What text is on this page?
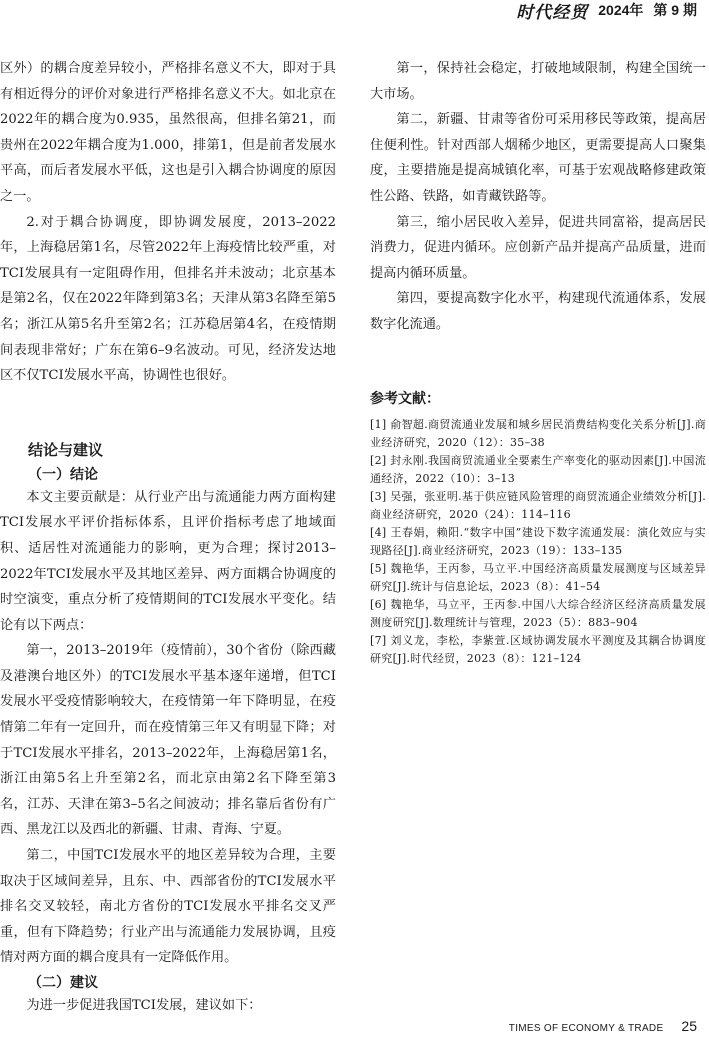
时代经贸 2024年 第 9 期

区外）的耦合度差异较小，严格排名意义不大，即对于具有相近得分的评价对象进行严格排名意义不大。如北京在2022年的耦合度为0.935，虽然很高，但排名第21，而贵州在2022年耦合度为1.000，排第1，但是前者发展水平高，而后者发展水平低，这也是引入耦合协调度的原因之一。

2.对于耦合协调度，即协调发展度，2013–2022年，上海稳居第1名，尽管2022年上海疫情比较严重，对TCI发展具有一定阻碍作用，但排名并未波动；北京基本是第2名，仅在2022年降到第3名；天津从第3名降至第5名；浙江从第5名升至第2名；江苏稳居第4名，在疫情期间表现非常好；广东在第6–9名波动。可见，经济发达地区不仅TCI发展水平高，协调性也很好。

结论与建议
（一）结论

本文主要贡献是：从行业产出与流通能力两方面构建TCI发展水平评价指标体系，且评价指标考虑了地域面积、适居性对流通能力的影响，更为合理；探讨2013–2022年TCI发展水平及其地区差异、两方面耦合协调度的时空演变，重点分析了疫情期间的TCI发展水平变化。结论有以下两点：

第一，2013–2019年（疫情前），30个省份（除西藏及港澳台地区外）的TCI发展水平基本逐年递增，但TCI发展水平受疫情影响较大，在疫情第一年下降明显，在疫情第二年有一定回升，而在疫情第三年又有明显下降；对于TCI发展水平排名，2013–2022年，上海稳居第1名，浙江由第5名上升至第2名，而北京由第2名下降至第3名，江苏、天津在第3–5名之间波动；排名靠后省份有广西、黑龙江以及西北的新疆、甘肃、青海、宁夏。

第二，中国TCI发展水平的地区差异较为合理，主要取决于区域间差异，且东、中、西部省份的TCI发展水平排名交叉较轻，南北方省份的TCI发展水平排名交叉严重，但有下降趋势；行业产出与流通能力发展协调，且疫情对两方面的耦合度具有一定降低作用。

（二）建议

为进一步促进我国TCI发展，建议如下：

第一，保持社会稳定，打破地域限制，构建全国统一大市场。

第二，新疆、甘肃等省份可采用移民等政策，提高居住便利性。针对西部人烟稀少地区，更需要提高人口聚集度，主要措施是提高城镇化率，可基于宏观战略修建政策性公路、铁路，如青藏铁路等。

第三，缩小居民收入差异，促进共同富裕，提高居民消费力，促进内循环。应创新产品并提高产品质量，进而提高内循环质量。

第四，要提高数字化水平，构建现代流通体系，发展数字化流通。

参考文献：
[1] 俞智超.商贸流通业发展和城乡居民消费结构变化关系分析[J].商业经济研究，2020（12）：35–38
[2] 封永刚.我国商贸流通业全要素生产率变化的驱动因素[J].中国流通经济，2022（10）：3–13
[3] 吴强，张亚明.基于供应链风险管理的商贸流通企业绩效分析[J].商业经济研究，2020（24）：114–116
[4] 王春娟，赖阳.“数字中国”建设下数字流通发展：演化效应与实现路径[J].商业经济研究，2023（19）：133–135
[5] 魏艳华，王丙参，马立平.中国经济高质量发展测度与区域差异研究[J].统计与信息论坛，2023（8）：41–54
[6] 魏艳华，马立平，王丙参.中国八大综合经济区经济高质量发展测度研究[J].数理统计与管理，2023（5）：883–904
[7] 刘义龙，李松，李紫萱.区域协调发展水平测度及其耦合协调度研究[J].时代经贸，2023（8）：121–124
TIMES OF ECONOMY & TRADE 25
